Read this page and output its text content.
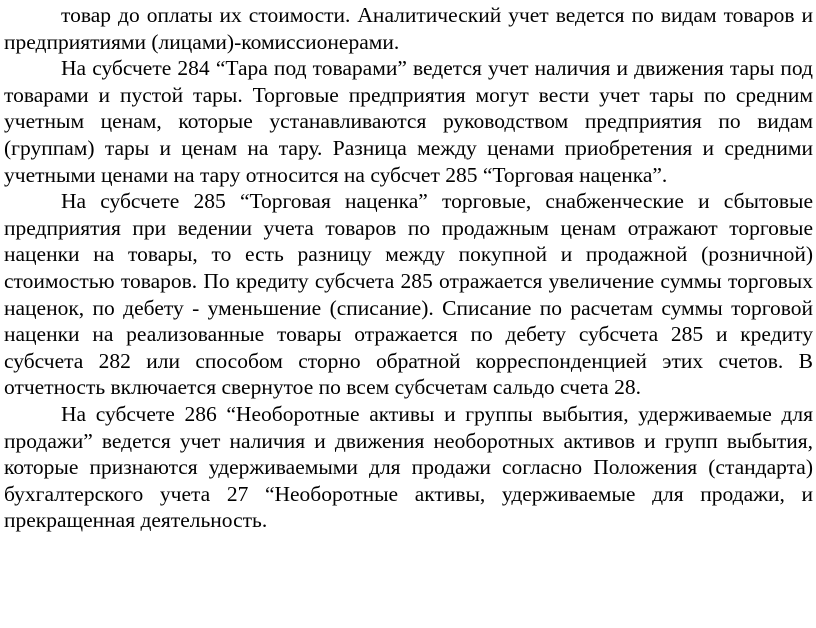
товар до оплаты их стоимости. Аналитический учет ведется по видам товаров и предприятиями (лицами)-комиссионерами.

На субсчете 284 “Тара под товарами” ведется учет наличия и движения тары под товарами и пустой тары. Торговые предприятия могут вести учет тары по средним учетным ценам, которые устанавливаются руководством предприятия по видам (группам) тары и ценам на тару. Разница между ценами приобретения и средними учетными ценами на тару относится на субсчет 285 “Торговая наценка”.

На субсчете 285 “Торговая наценка” торговые, снабженческие и сбытовые предприятия при ведении учета товаров по продажным ценам отражают торговые наценки на товары, то есть разницу между покупной и продажной (розничной) стоимостью товаров. По кредиту субсчета 285 отражается увеличение суммы торговых наценок, по дебету - уменьшение (списание). Списание по расчетам суммы торговой наценки на реализованные товары отражается по дебету субсчета 285 и кредиту субсчета 282 или способом сторно обратной корреспонденцией этих счетов. В отчетность включается свернутое по всем субсчетам сальдо счета 28.

На субсчете 286 “Необоротные активы и группы выбытия, удерживаемые для продажи” ведется учет наличия и движения необоротных активов и групп выбытия, которые признаются удерживаемыми для продажи согласно Положения (стандарта) бухгалтерского учета 27 “Необоротные активы, удерживаемые для продажи, и прекращенная деятельность.
